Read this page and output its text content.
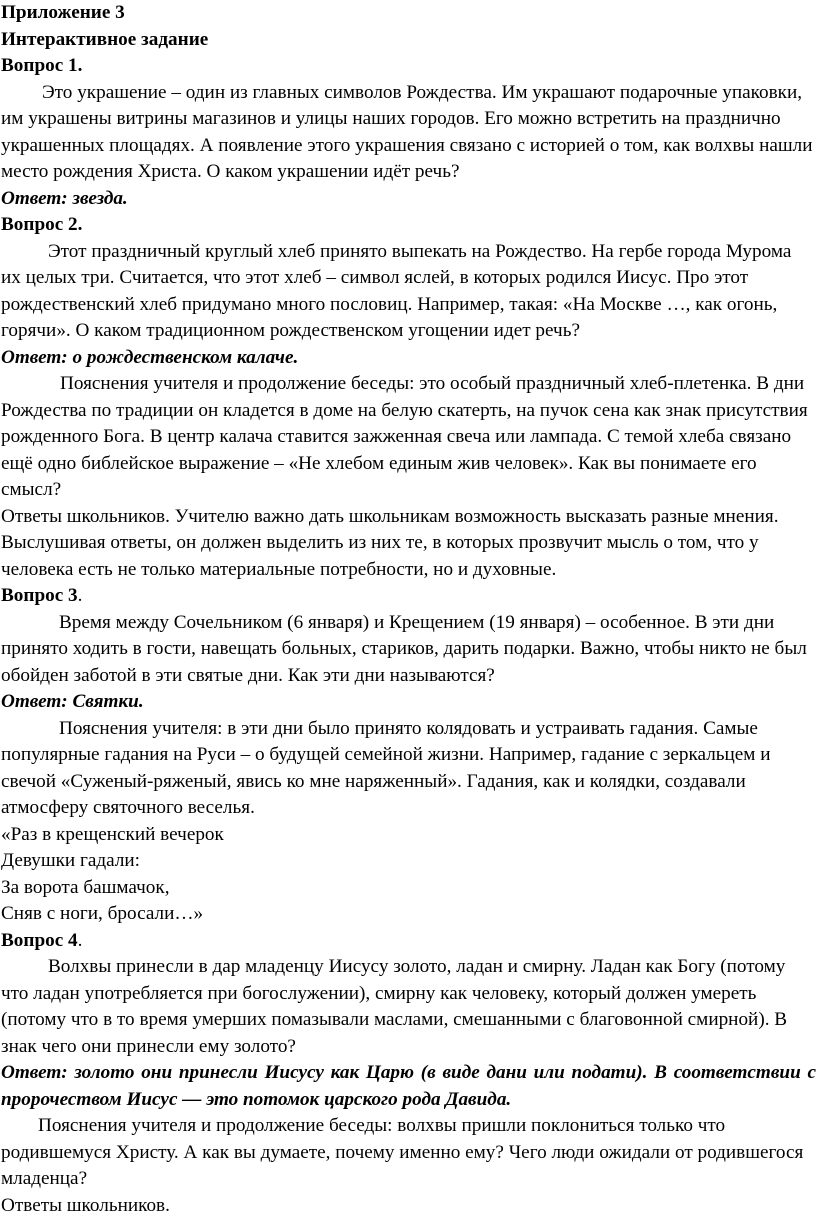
Приложение 3

Интерактивное задание

Вопрос 1.

Это украшение – один из главных символов Рождества. Им украшают подарочные упаковки, им украшены витрины магазинов и улицы наших городов. Его можно встретить на празднично украшенных площадях. А появление этого украшения связано с историей о том, как волхвы нашли место рождения Христа. О каком украшении идёт речь?

Ответ: звезда.

Вопрос 2.

Этот праздничный круглый хлеб принято выпекать на Рождество. На гербе города Мурома их целых три. Считается, что этот хлеб – символ яслей, в которых родился Иисус. Про этот рождественский хлеб придумано много пословиц. Например, такая: «На Москве …, как огонь, горячи». О каком традиционном рождественском угощении идет речь?

Ответ: о рождественском калаче.

Пояснения учителя и продолжение беседы: это особый праздничный хлеб-плетенка. В дни Рождества по традиции он кладется в доме на белую скатерть, на пучок сена как знак присутствия рожденного Бога. В центр калача ставится зажженная свеча или лампада. С темой хлеба связано ещё одно библейское выражение – «Не хлебом единым жив человек». Как вы понимаете его смысл?

Ответы школьников. Учителю важно дать школьникам возможность высказать разные мнения. Выслушивая ответы, он должен выделить из них те, в которых прозвучит мысль о том, что у человека есть не только материальные потребности, но и духовные.

Вопрос 3.

Время между Сочельником (6 января) и Крещением (19 января) – особенное. В эти дни принято ходить в гости, навещать больных, стариков, дарить подарки. Важно, чтобы никто не был обойден заботой в эти святые дни. Как эти дни называются?

Ответ: Святки.

Пояснения учителя: в эти дни было принято колядовать и устраивать гадания. Самые популярные гадания на Руси – о будущей семейной жизни. Например, гадание с зеркальцем и свечой «Суженый-ряженый, явись ко мне наряженный». Гадания, как и колядки, создавали атмосферу святочного веселья.

«Раз в крещенский вечерок

Девушки гадали:

За ворота башмачок,

Сняв с ноги, бросали…»

Вопрос 4.

Волхвы принесли в дар младенцу Иисусу золото, ладан и смирну. Ладан как Богу (потому что ладан употребляется при богослужении), смирну как человеку, который должен умереть (потому что в то время умерших помазывали маслами, смешанными с благовонной смирной). В знак чего они принесли ему золото?

Ответ: золото они принесли Иисусу как Царю (в виде дани или подати). В соответствии с пророчеством Иисус — это потомок царского рода Давида.

Пояснения учителя и продолжение беседы: волхвы пришли поклониться только что родившемуся Христу. А как вы думаете, почему именно ему? Чего люди ожидали от родившегося младенца?

Ответы школьников.
